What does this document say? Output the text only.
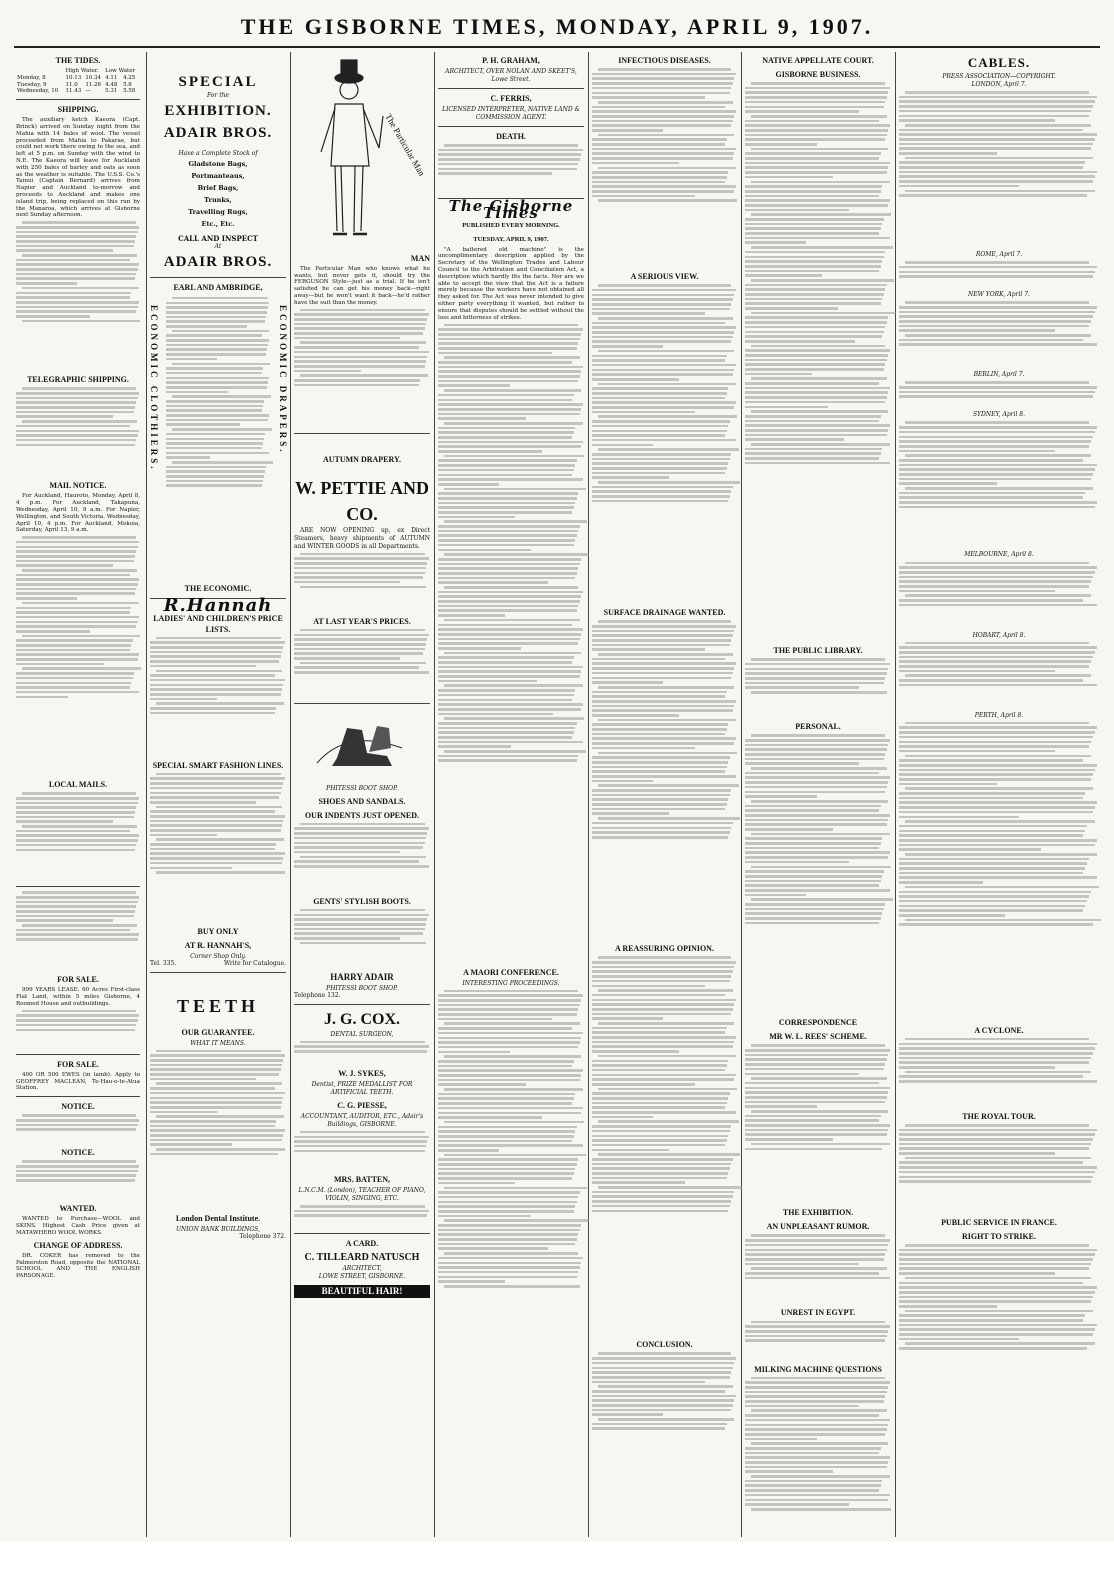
THE GISBORNE TIMES, MONDAY, APRIL 9, 1907.
THE TIDES.
	High Water.		Low Water	
Monday, 8	10.13	10.34	4.11	4.25
Tuesday, 9	11.0	11.26	4.48	5.8
Wednesday, 10	11.43	—	5.31	5.58
SHIPPING.

The auxiliary ketch Kaeora (Capt. Brinck) arrived on Sunday night from the Mahia with 14 bales of wool. The vessel proceeded from Mahia to Pakarae, but could not work there owing to the sea, and left at 5 p.m. on Sunday with the wind to N.E. The Kaeora will leave for Auckland with 250 bales of barley and oats as soon as the weather is suitable. The U.S.S. Co.'s Tainui (Captain Bernard) arrives from Napier and Auckland to-morrow and proceeds to Auckland and makes one island trip, being replaced on this run by the Manaroa, which arrives at Gisborne next Sunday afternoon.

TELEGRAPHIC SHIPPING.
MAIL NOTICE.

For Auckland, Hauroto, Monday, April 8, 4 p.m. For Auckland, Takapuna, Wednesday, April 10, 9 a.m. For Napier, Wellington, and South Victoria, Wednesday, April 10, 4 p.m. For Auckland, Mokoia, Saturday, April 13, 9 a.m.

LOCAL MAILS.
FOR SALE.

999 YEARS LEASE. 60 Acres First-class Flat Land, within 5 miles Gisborne, 4 Roomed House and outbuildings.

FOR SALE.

400 OR 500 EWES (in lamb). Apply to GEOFFREY MACLEAN, Te-Hau-o-te-Atua Station.

NOTICE.
NOTICE.
WANTED.

WANTED to Purchase—WOOL and SKINS. Highest Cash Price given at MATAWHERO WOOL WORKS.

CHANGE OF ADDRESS.

DR. COKER has removed to the Palmerston Road, opposite the NATIONAL SCHOOL AND THE ENGLISH PARSONAGE.

SPECIAL
For the
EXHIBITION.
ADAIR BROS.
Have a Complete Stock of
Gladstone Bags,
Portmanteaus,
Brief Bags,
Trunks,
Travelling Rugs,
Etc., Etc.
CALL AND INSPECT
At
ADAIR BROS.
EARL AND AMBRIDGE,
ECONOMIC CLOTHIERS.	ECONOMIC DRAPERS.
THE ECONOMIC.
R.Hannah
LADIES' AND CHILDREN'S PRICE LISTS.
SPECIAL SMART FASHION LINES.
BUY ONLY
AT R. HANNAH'S,
Corner Shop Only.
Tel. 335.	Write for Catalogue.
TEETH
OUR GUARANTEE.
WHAT IT MEANS.
London Dental Institute.
UNION BANK BUILDINGS,
Telephone 372.
The Particular Man
MAN

The Particular Man who knows what he wants, but never gets it, should try the FERGUSON Style—just as a trial. If he isn't satisfied he can get his money back—right away—but he won't want it back—he'd rather have the suit than the money.

AUTUMN DRAPERY.
W. PETTIE AND CO.

ARE NOW OPENING up, ex Direct Steamers, heavy shipments of AUTUMN and WINTER GOODS in all Departments.

AT LAST YEAR'S PRICES.
PHITESSI BOOT SHOP.
SHOES AND SANDALS.
OUR INDENTS JUST OPENED.
GENTS' STYLISH BOOTS.
HARRY ADAIR
PHITESSI BOOT SHOP.
Telephone 132.
J. G. COX.
DENTAL SURGEON,
W. J. SYKES,
Dentist, PRIZE MEDALLIST FOR ARTIFICIAL TEETH.
C. G. PIESSE,
ACCOUNTANT, AUDITOR, ETC., Adair's Buildings, GISBORNE.
MRS. BATTEN,
L.N.C.M. (London), TEACHER OF PIANO, VIOLIN, SINGING, ETC.
A CARD.
C. TILLEARD NATUSCH
ARCHITECT,
LOWE STREET, GISBORNE.
BEAUTIFUL HAIR!
P. H. GRAHAM,
ARCHITECT, OVER NOLAN AND SKEET'S, Lowe Street.
C. FERRIS,
LICENSED INTERPRETER, NATIVE LAND & COMMISSION AGENT.
DEATH.
The Gisborne Times
PUBLISHED EVERY MORNING.
TUESDAY, APRIL 9, 1907.

"A battered old machine" is the uncomplimentary description applied by the Secretary of the Wellington Trades and Labour Council to the Arbitration and Conciliation Act, a description which hardly fits the facts. Nor are we able to accept the view that the Act is a failure merely because the workers have not obtained all they asked for. The Act was never intended to give either party everything it wanted, but rather to ensure that disputes should be settled without the loss and bitterness of strikes.

A MAORI CONFERENCE.
INTERESTING PROCEEDINGS.
INFECTIOUS DISEASES.
A SERIOUS VIEW.
SURFACE DRAINAGE WANTED.
A REASSURING OPINION.
CONCLUSION.
NATIVE APPELLATE COURT.
GISBORNE BUSINESS.
THE PUBLIC LIBRARY.
PERSONAL.
CORRESPONDENCE
MR W. L. REES' SCHEME.
THE EXHIBITION.
AN UNPLEASANT RUMOR.
UNREST IN EGYPT.
MILKING MACHINE QUESTIONS
CABLES.
PRESS ASSOCIATION—COPYRIGHT.
LONDON, April 7.
ROME, April 7.
NEW YORK, April 7.
BERLIN, April 7.
SYDNEY, April 8.
MELBOURNE, April 8.
HOBART, April 8.
PERTH, April 8.
A CYCLONE.
THE ROYAL TOUR.
PUBLIC SERVICE IN FRANCE.
RIGHT TO STRIKE.
